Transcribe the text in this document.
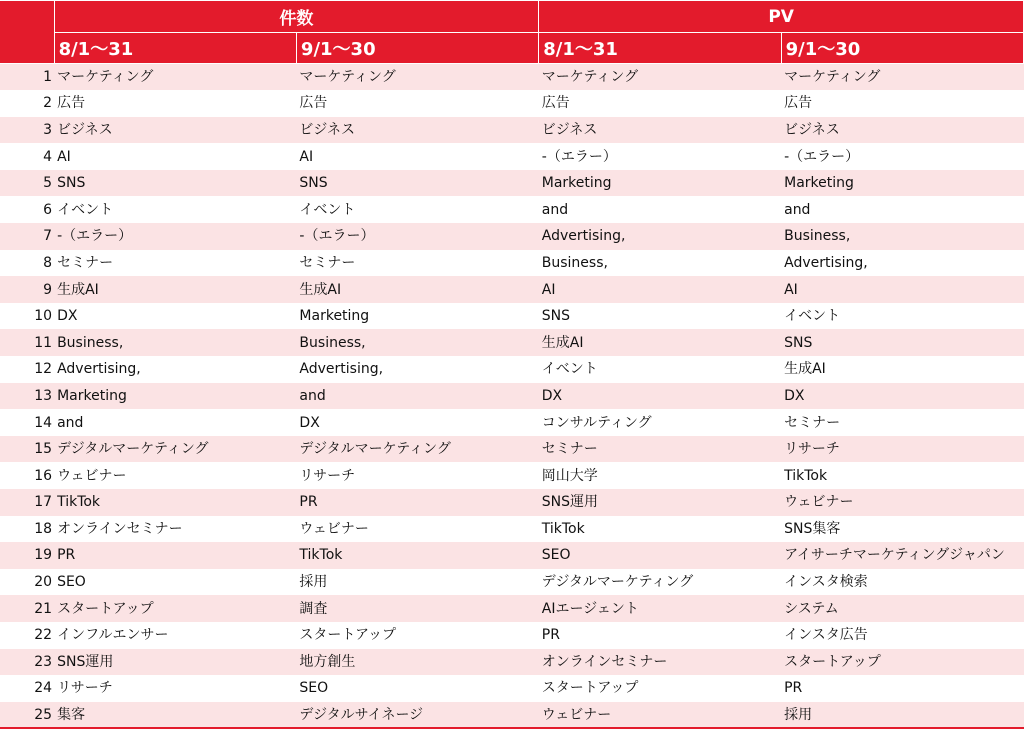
	件数		PV	
	8/1～31	9/1～30	8/1～31	9/1～30
1	マーケティング	マーケティング	マーケティング	マーケティング
2	広告	広告	広告	広告
3	ビジネス	ビジネス	ビジネス	ビジネス
4	AI	AI	-（エラー）	-（エラー）
5	SNS	SNS	Marketing	Marketing
6	イベント	イベント	and	and
7	-（エラー）	-（エラー）	Advertising,	Business,
8	セミナー	セミナー	Business,	Advertising,
9	生成AI	生成AI	AI	AI
10	DX	Marketing	SNS	イベント
11	Business,	Business,	生成AI	SNS
12	Advertising,	Advertising,	イベント	生成AI
13	Marketing	and	DX	DX
14	and	DX	コンサルティング	セミナー
15	デジタルマーケティング	デジタルマーケティング	セミナー	リサーチ
16	ウェビナー	リサーチ	岡山大学	TikTok
17	TikTok	PR	SNS運用	ウェビナー
18	オンラインセミナー	ウェビナー	TikTok	SNS集客
19	PR	TikTok	SEO	アイサーチマーケティングジャパン
20	SEO	採用	デジタルマーケティング	インスタ検索
21	スタートアップ	調査	AIエージェント	システム
22	インフルエンサー	スタートアップ	PR	インスタ広告
23	SNS運用	地方創生	オンラインセミナー	スタートアップ
24	リサーチ	SEO	スタートアップ	PR
25	集客	デジタルサイネージ	ウェビナー	採用
